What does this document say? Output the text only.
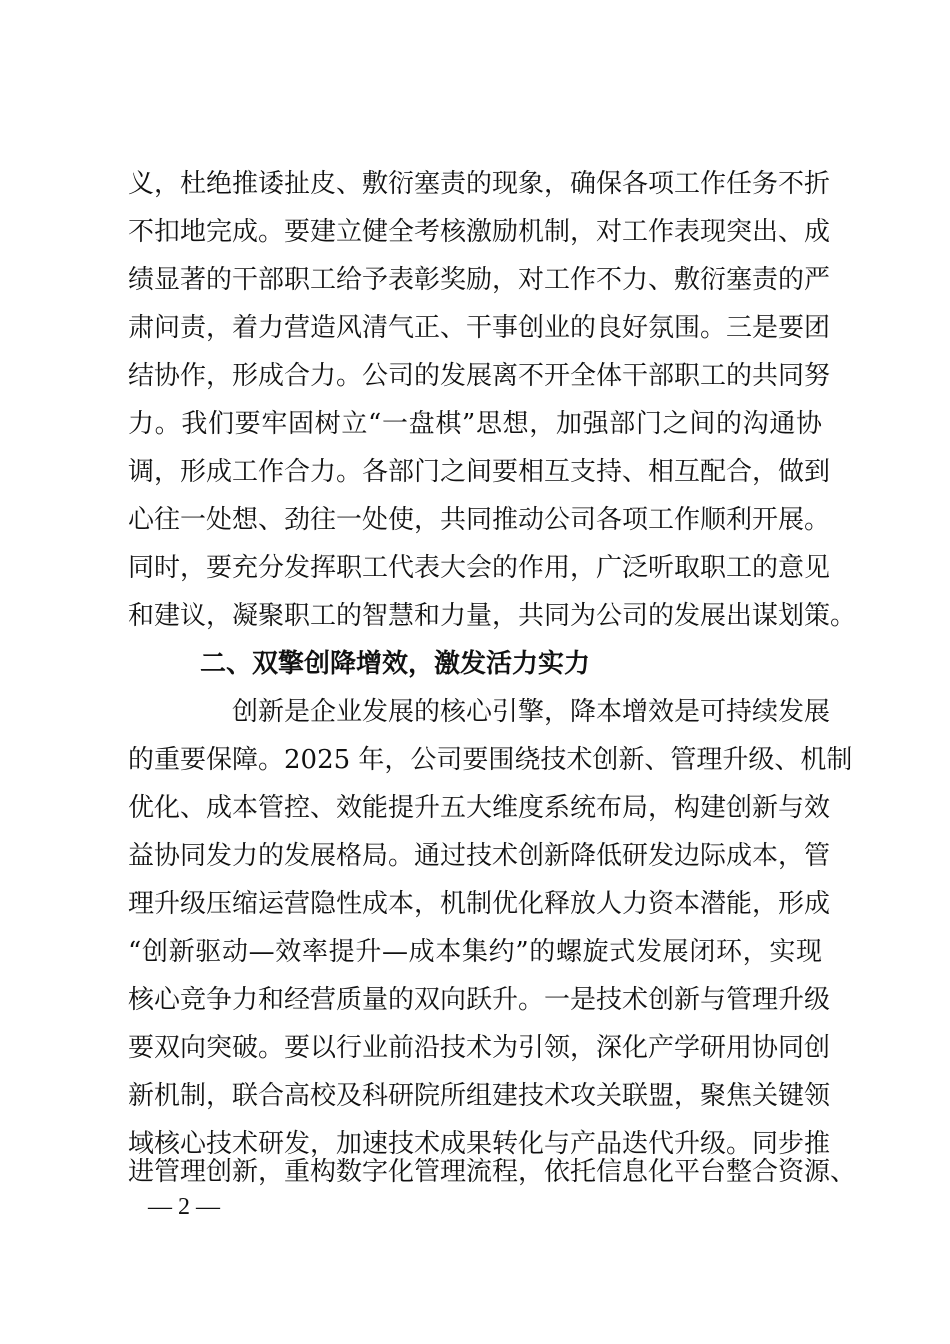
义，杜绝推诿扯皮、敷衍塞责的现象，确保各项工作任务不折
不扣地完成。要建立健全考核激励机制，对工作表现突出、成
绩显著的干部职工给予表彰奖励，对工作不力、敷衍塞责的严
肃问责，着力营造风清气正、干事创业的良好氛围。三是要团
结协作，形成合力。公司的发展离不开全体干部职工的共同努
力。我们要牢固树立“一盘棋”思想，加强部门之间的沟通协
调，形成工作合力。各部门之间要相互支持、相互配合，做到
心往一处想、劲往一处使，共同推动公司各项工作顺利开展。
同时，要充分发挥职工代表大会的作用，广泛听取职工的意见
和建议，凝聚职工的智慧和力量，共同为公司的发展出谋划策。
二、双擎创降增效，激发活力实力
创新是企业发展的核心引擎，降本增效是可持续发展
的重要保障。2025 年，公司要围绕技术创新、管理升级、机制
优化、成本管控、效能提升五大维度系统布局，构建创新与效
益协同发力的发展格局。通过技术创新降低研发边际成本，管
理升级压缩运营隐性成本，机制优化释放人力资本潜能，形成
“创新驱动—效率提升—成本集约”的螺旋式发展闭环，实现
核心竞争力和经营质量的双向跃升。一是技术创新与管理升级
要双向突破。要以行业前沿技术为引领，深化产学研用协同创
新机制，联合高校及科研院所组建技术攻关联盟，聚焦关键领
域核心技术研发，加速技术成果转化与产品迭代升级。同步推
进管理创新，重构数字化管理流程，依托信息化平台整合资源、
— 2 —
